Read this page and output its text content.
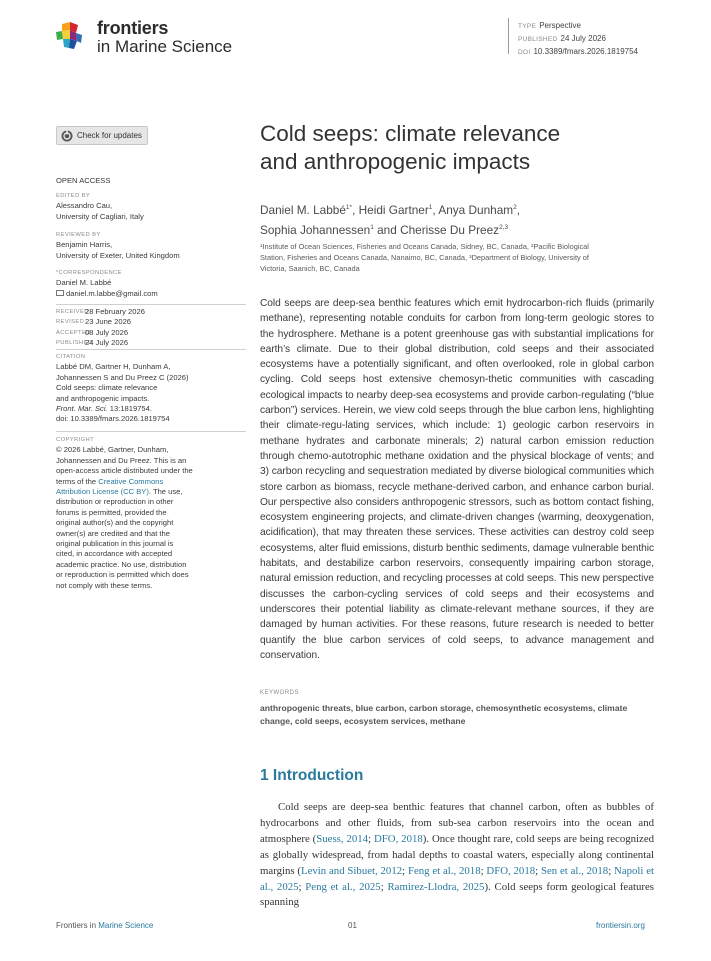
frontiers
in Marine Science
TYPE Perspective
PUBLISHED 24 July 2026
DOI 10.3389/fmars.2026.1819754
Check for updates
OPEN ACCESS
EDITED BY
Alessandro Cau,
University of Cagliari, Italy
REVIEWED BY
Benjamin Harris,
University of Exeter, United Kingdom
*CORRESPONDENCE
Daniel M. Labbé
daniel.m.labbe@gmail.com
RECEIVED
28 February 2026
REVISED 23 June 2026
ACCEPTED
08 July 2026
PUBLISHED
24 July 2026
CITATION
Labbé DM, Gartner H, Dunham A,
Johannessen S and Du Preez C (2026)
Cold seeps: climate relevance
and anthropogenic impacts.
Front. Mar. Sci. 13:1819754.
doi: 10.3389/fmars.2026.1819754
COPYRIGHT
© 2026 Labbé, Gartner, Dunham,
Johannessen and Du Preez. This is an
open-access article distributed under the
terms of the Creative Commons
Attribution License (CC BY). The use,
distribution or reproduction in other
forums is permitted, provided the
original author(s) and the copyright
owner(s) are credited and that the
original publication in this journal is
cited, in accordance with accepted
academic practice. No use, distribution
or reproduction is permitted which does
not comply with these terms.
Cold seeps: climate relevance
and anthropogenic impacts
Daniel M. Labbé$^{1*}$, Heidi Gartner$^1$, Anya Dunham$^2$,
Sophia Johannessen$^1$ and Cherisse Du Preez$^{2,3}$
¹Institute of Ocean Sciences, Fisheries and Oceans Canada, Sidney, BC, Canada, ²Pacific Biological
Station, Fisheries and Oceans Canada, Nanaimo, BC, Canada, ³Department of Biology, University of
Victoria, Saanich, BC, Canada

Cold seeps are deep-sea benthic features which emit hydrocarbon-rich fluids (primarily methane), representing notable conduits for carbon from long-term geologic stores to the hydrosphere. Methane is a potent greenhouse gas with substantial implications for earth’s climate. Due to their global distribution, cold seeps and their associated ecosystems have a potentially significant, and often overlooked, role in global carbon cycling. Cold seeps host extensive chemosyn-thetic communities with cascading ecological impacts to nearby deep-sea ecosystems and provide carbon-regulating (“blue carbon”) services. Herein, we view cold seeps through the blue carbon lens, highlighting their climate-regu-lating services, which include: 1) geologic carbon reservoirs in methane hydrates and carbonate minerals; 2) natural carbon emission reduction through chemo-autotrophic methane oxidation and the physical blockage of vents; and 3) carbon recycling and sequestration mediated by diverse biological communities which store carbon as biomass, recycle methane-derived carbon, and enhance carbon burial. Our perspective also considers anthropogenic stressors, such as bottom contact fishing, ecosystem engineering projects, and climate-driven changes (warming, deoxygenation, acidification), that may threaten these services. These activities can destroy cold seep ecosystems, alter fluid emissions, disturb benthic sediments, damage vulnerable benthic habitats, and destabilize carbon reservoirs, consequently impairing carbon storage, natural emission reduction, and recycling processes at cold seeps. This new perspective discusses the carbon-cycling services of cold seeps and their ecosystems and underscores their potential liability as climate-relevant methane sources, if they are damaged by human activities. For these reasons, future research is needed to better quantify the blue carbon services of cold seeps, to advance management and conservation.

KEYWORDS
anthropogenic threats, blue carbon, carbon storage, chemosynthetic ecosystems, climate change, cold seeps, ecosystem services, methane
1 Introduction

Cold seeps are deep-sea benthic features that channel carbon, often as bubbles of hydrocarbons and other fluids, from sub-sea carbon reservoirs into the ocean and atmosphere (Suess, 2014; DFO, 2018). Once thought rare, cold seeps are being recognized as globally widespread, from hadal depths to coastal waters, especially along continental margins (Levin and Sibuet, 2012; Feng et al., 2018; DFO, 2018; Sen et al., 2018; Napoli et al., 2025; Peng et al., 2025; Ramirez-Llodra, 2025). Cold seeps form geological features spanning

Frontiers in Marine Science	01	frontiersin.org
